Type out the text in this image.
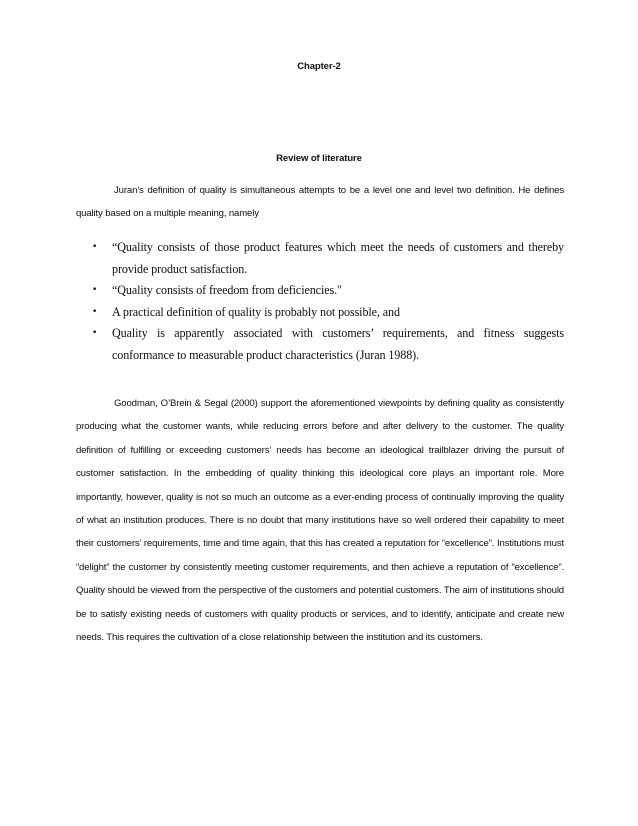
Chapter-2
Review of literature

Juran’s definition of quality is simultaneous attempts to be a level one and level two definition. He defines quality based on a multiple meaning, namely

• “Quality consists of those product features which meet the needs of customers and thereby provide product satisfaction.
• “Quality consists of freedom from deficiencies."
• A practical definition of quality is probably not possible, and
• Quality is apparently associated with customers’ requirements, and fitness suggests conformance to measurable product characteristics (Juran 1988).

Goodman, O’Brein & Segal (2000) support the aforementioned viewpoints by defining quality as consistently producing what the customer wants, while reducing errors before and after delivery to the customer. The quality definition of fulfilling or exceeding customers‘ needs has become an ideological trailblazer driving the pursuit of customer satisfaction. In the embedding of quality thinking this ideological core plays an important role. More importantly, however, quality is not so much an outcome as a ever-ending process of continually improving the quality of what an institution produces. There is no doubt that many institutions have so well ordered their capability to meet their customers’ requirements, time and time again, that this has created a reputation for “excellence”. Institutions must “delight” the customer by consistently meeting customer requirements, and then achieve a reputation of “excellence”. Quality should be viewed from the perspective of the customers and potential customers. The aim of institutions should be to satisfy existing needs of customers with quality products or services, and to identify, anticipate and create new needs. This requires the cultivation of a close relationship between the institution and its customers.
